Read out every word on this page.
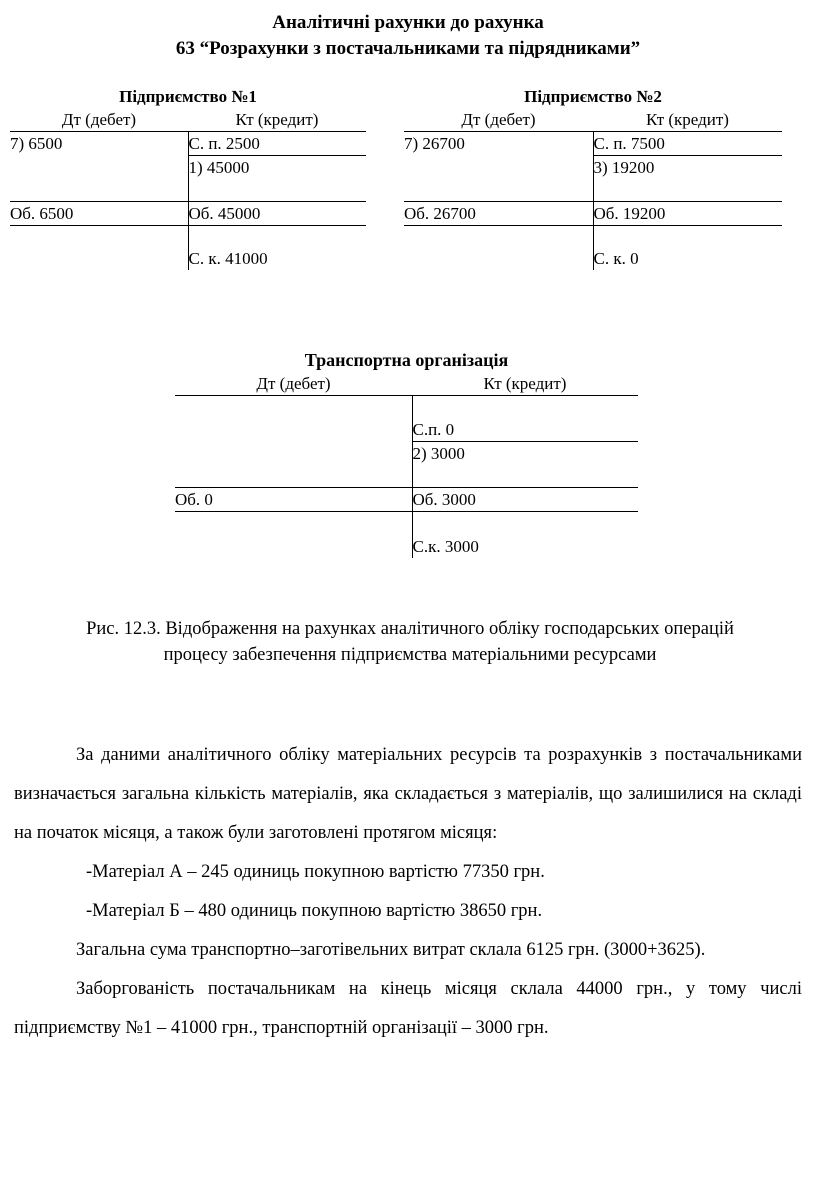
Аналітичні рахунки до рахунка
63 “Розрахунки з постачальниками та підрядниками”
Підприємство №1
Дт (дебет)	Кт (кредит)
7) 6500	С. п. 2500
	1) 45000
Об. 6500	Об. 45000
	С. к. 41000
Підприємство №2
Дт (дебет)	Кт (кредит)
7) 26700	С. п. 7500
	3) 19200
Об. 26700	Об. 19200
	С. к. 0
Транспортна організація
Дт (дебет)	Кт (кредит)
	С.п. 0
	2) 3000
Об. 0	Об. 3000
	С.к. 3000
Рис. 12.3. Відображення на рахунках аналітичного обліку господарських операцій процесу забезпечення підприємства матеріальними ресурсами

За даними аналітичного обліку матеріальних ресурсів та розрахунків з постачальниками визначається загальна кількість матеріалів, яка складається з матеріалів, що залишилися на складі на початок місяця, а також були заготовлені протягом місяця:

-Матеріал А – 245 одиниць покупною вартістю 77350 грн.

-Матеріал Б – 480 одиниць покупною вартістю 38650 грн.

Загальна сума транспортно–заготівельних витрат склала 6125 грн. (3000+3625).

Заборгованість постачальникам на кінець місяця склала 44000 грн., у тому числі підприємству №1 – 41000 грн., транспортній організації – 3000 грн.
